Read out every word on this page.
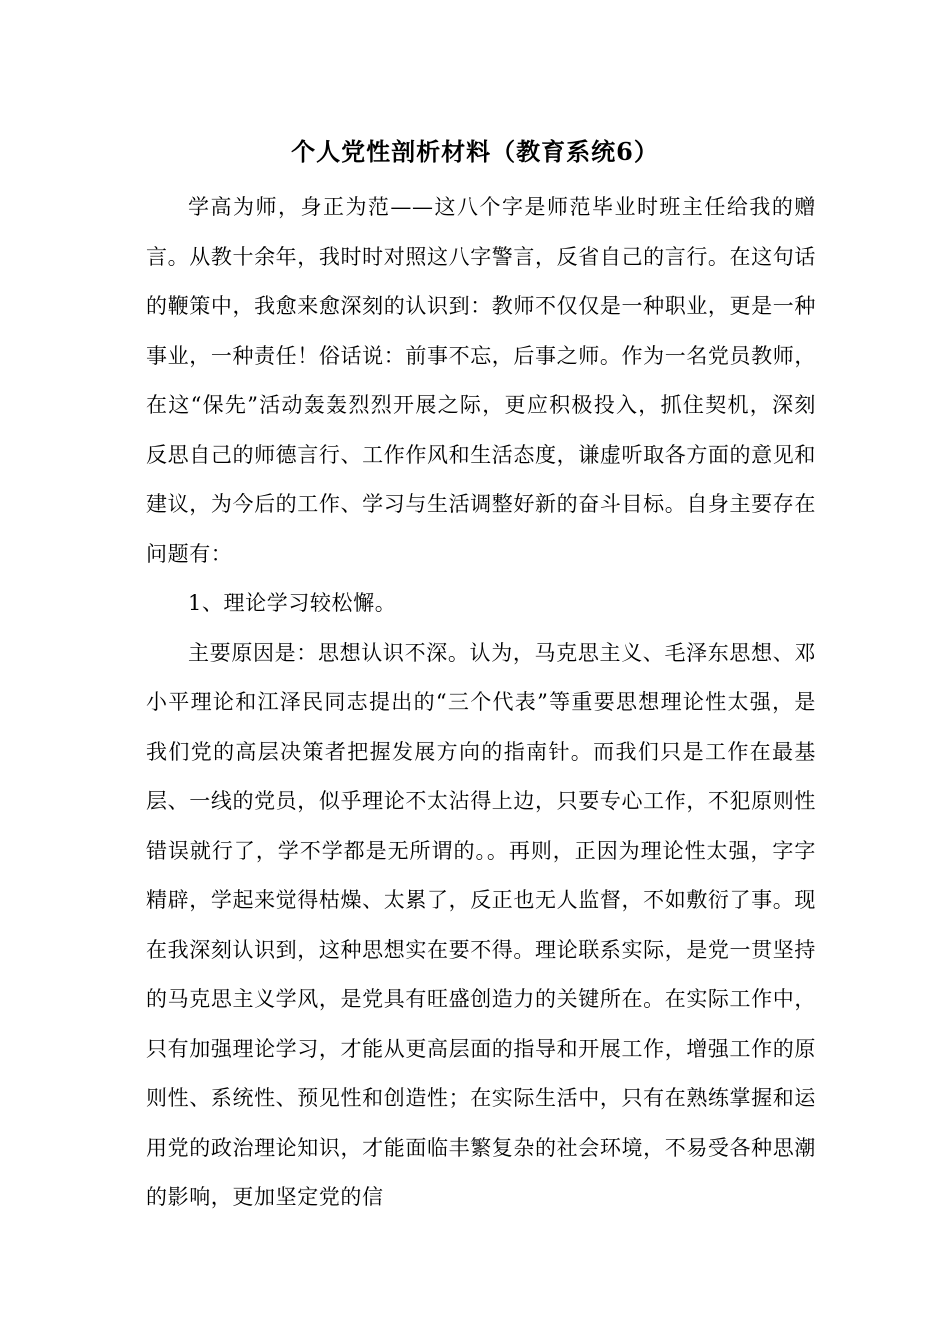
个人党性剖析材料（教育系统6）

学高为师，身正为范——这八个字是师范毕业时班主任给我的赠言。从教十余年，我时时对照这八字警言，反省自己的言行。在这句话的鞭策中，我愈来愈深刻的认识到：教师不仅仅是一种职业，更是一种事业，一种责任！俗话说：前事不忘，后事之师。作为一名党员教师，在这“保先”活动轰轰烈烈开展之际，更应积极投入，抓住契机，深刻反思自己的师德言行、工作作风和生活态度，谦虚听取各方面的意见和建议，为今后的工作、学习与生活调整好新的奋斗目标。自身主要存在问题有：

1、理论学习较松懈。

主要原因是：思想认识不深。认为，马克思主义、毛泽东思想、邓小平理论和江泽民同志提出的“三个代表”等重要思想理论性太强，是我们党的高层决策者把握发展方向的指南针。而我们只是工作在最基层、一线的党员，似乎理论不太沾得上边，只要专心工作，不犯原则性错误就行了，学不学都是无所谓的。。再则，正因为理论性太强，字字精辟，学起来觉得枯燥、太累了，反正也无人监督，不如敷衍了事。现在我深刻认识到，这种思想实在要不得。理论联系实际，是党一贯坚持的马克思主义学风，是党具有旺盛创造力的关键所在。在实际工作中，只有加强理论学习，才能从更高层面的指导和开展工作，增强工作的原则性、系统性、预见性和创造性；在实际生活中，只有在熟练掌握和运用党的政治理论知识，才能面临丰繁复杂的社会环境，不易受各种思潮的影响，更加坚定党的信
